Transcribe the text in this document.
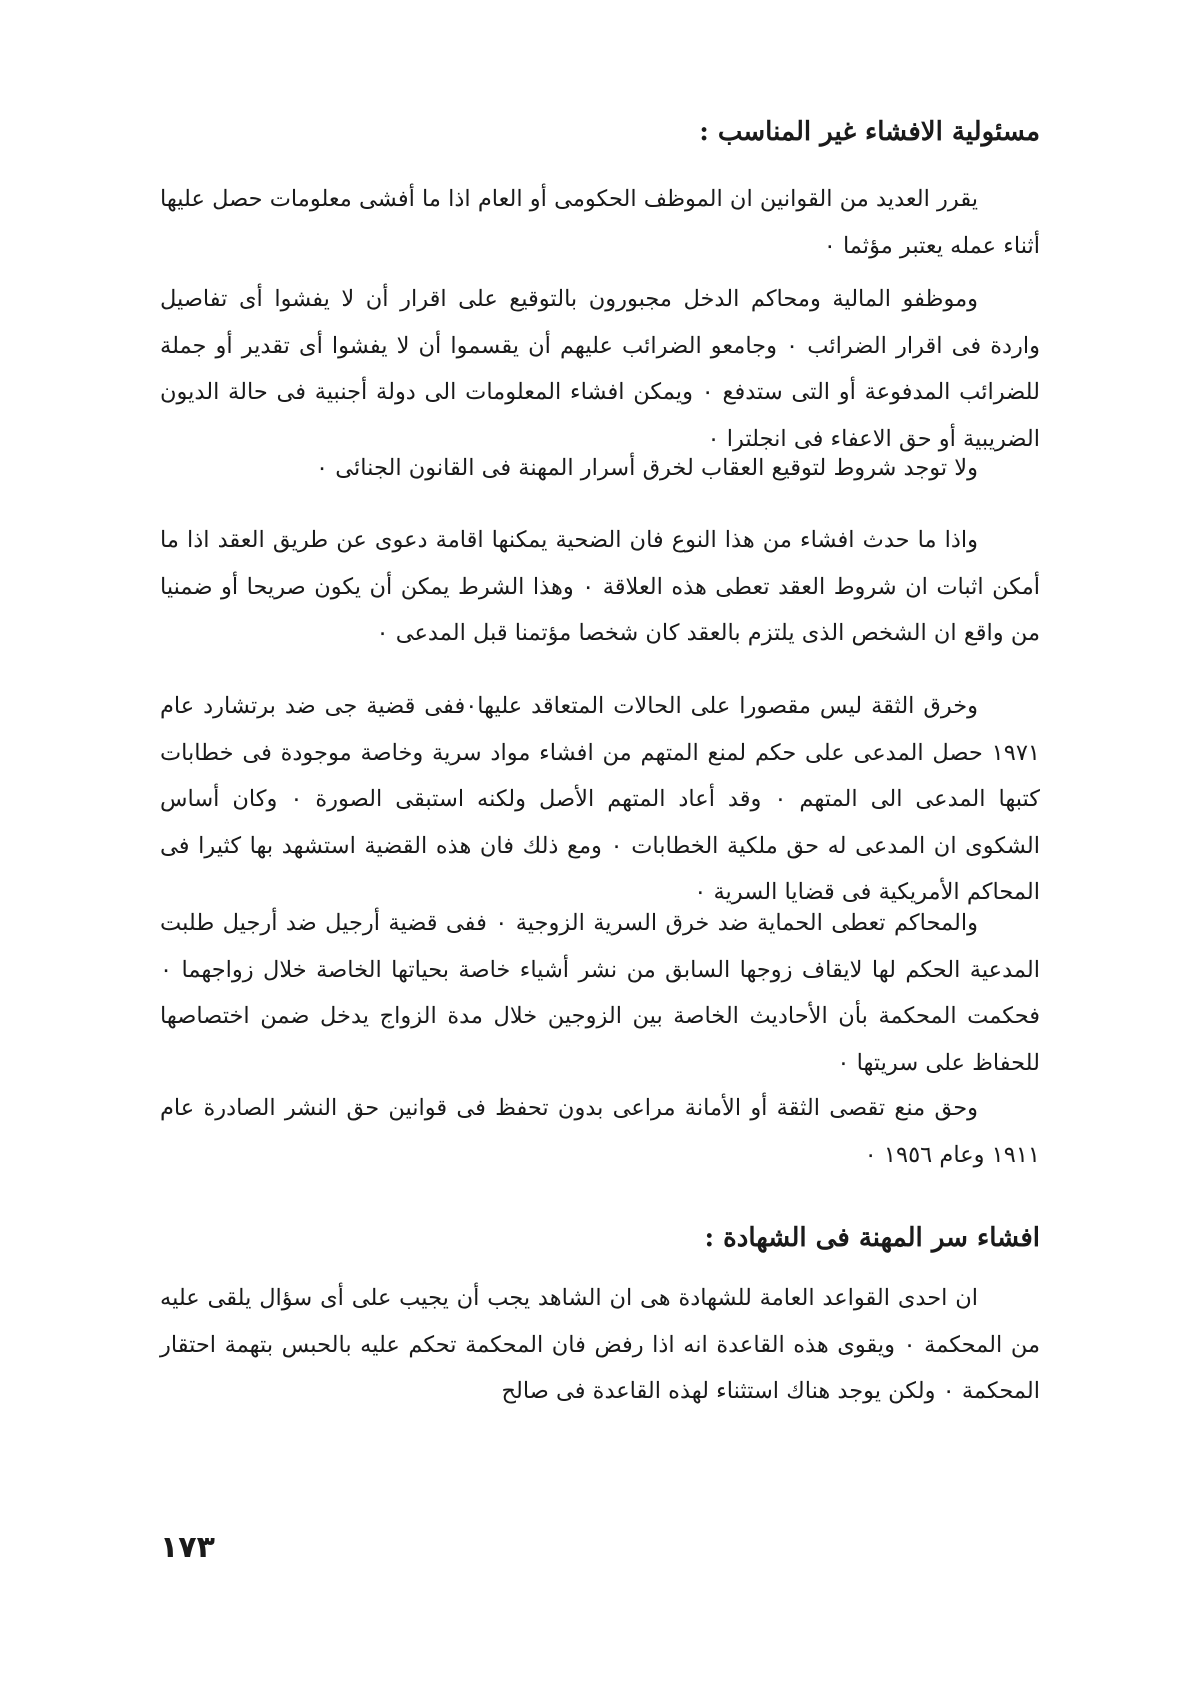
مسئولية الافشاء غير المناسب :

يقرر العديد من القوانين ان الموظف الحكومى أو العام اذا ما أفشى معلومات حصل عليها أثناء عمله يعتبر مؤثما ٠

وموظفو المالية ومحاكم الدخل مجبورون بالتوقيع على اقرار أن لا يفشوا أى تفاصيل واردة فى اقرار الضرائب ٠ وجامعو الضرائب عليهم أن يقسموا أن لا يفشوا أى تقدير أو جملة للضرائب المدفوعة أو التى ستدفع ٠ ويمكن افشاء المعلومات الى دولة أجنبية فى حالة الديون الضريبية أو حق الاعفاء فى انجلترا ٠

ولا توجد شروط لتوقيع العقاب لخرق أسرار المهنة فى القانون الجنائى ٠

واذا ما حدث افشاء من هذا النوع فان الضحية يمكنها اقامة دعوى عن طريق العقد اذا ما أمكن اثبات ان شروط العقد تعطى هذه العلاقة ٠ وهذا الشرط يمكن أن يكون صريحا أو ضمنيا من واقع ان الشخص الذى يلتزم بالعقد كان شخصا مؤتمنا قبل المدعى ٠

وخرق الثقة ليس مقصورا على الحالات المتعاقد عليها٠ففى قضية جى ضد برتشارد عام ١٩٧١ حصل المدعى على حكم لمنع المتهم من افشاء مواد سرية وخاصة موجودة فى خطابات كتبها المدعى الى المتهم ٠ وقد أعاد المتهم الأصل ولكنه استبقى الصورة ٠ وكان أساس الشكوى ان المدعى له حق ملكية الخطابات ٠ ومع ذلك فان هذه القضية استشهد بها كثيرا فى المحاكم الأمريكية فى قضايا السرية ٠

والمحاكم تعطى الحماية ضد خرق السرية الزوجية ٠ ففى قضية أرجيل ضد أرجيل طلبت المدعية الحكم لها لايقاف زوجها السابق من نشر أشياء خاصة بحياتها الخاصة خلال زواجهما ٠ فحكمت المحكمة بأن الأحاديث الخاصة بين الزوجين خلال مدة الزواج يدخل ضمن اختصاصها للحفاظ على سريتها ٠

وحق منع تقصى الثقة أو الأمانة مراعى بدون تحفظ فى قوانين حق النشر الصادرة عام ١٩١١ وعام ١٩٥٦ ٠

افشاء سر المهنة فى الشهادة :

ان احدى القواعد العامة للشهادة هى ان الشاهد يجب أن يجيب على أى سؤال يلقى عليه من المحكمة ٠ ويقوى هذه القاعدة انه اذا رفض فان المحكمة تحكم عليه بالحبس بتهمة احتقار المحكمة ٠ ولكن يوجد هناك استثناء لهذه القاعدة فى صالح

١٧٣
